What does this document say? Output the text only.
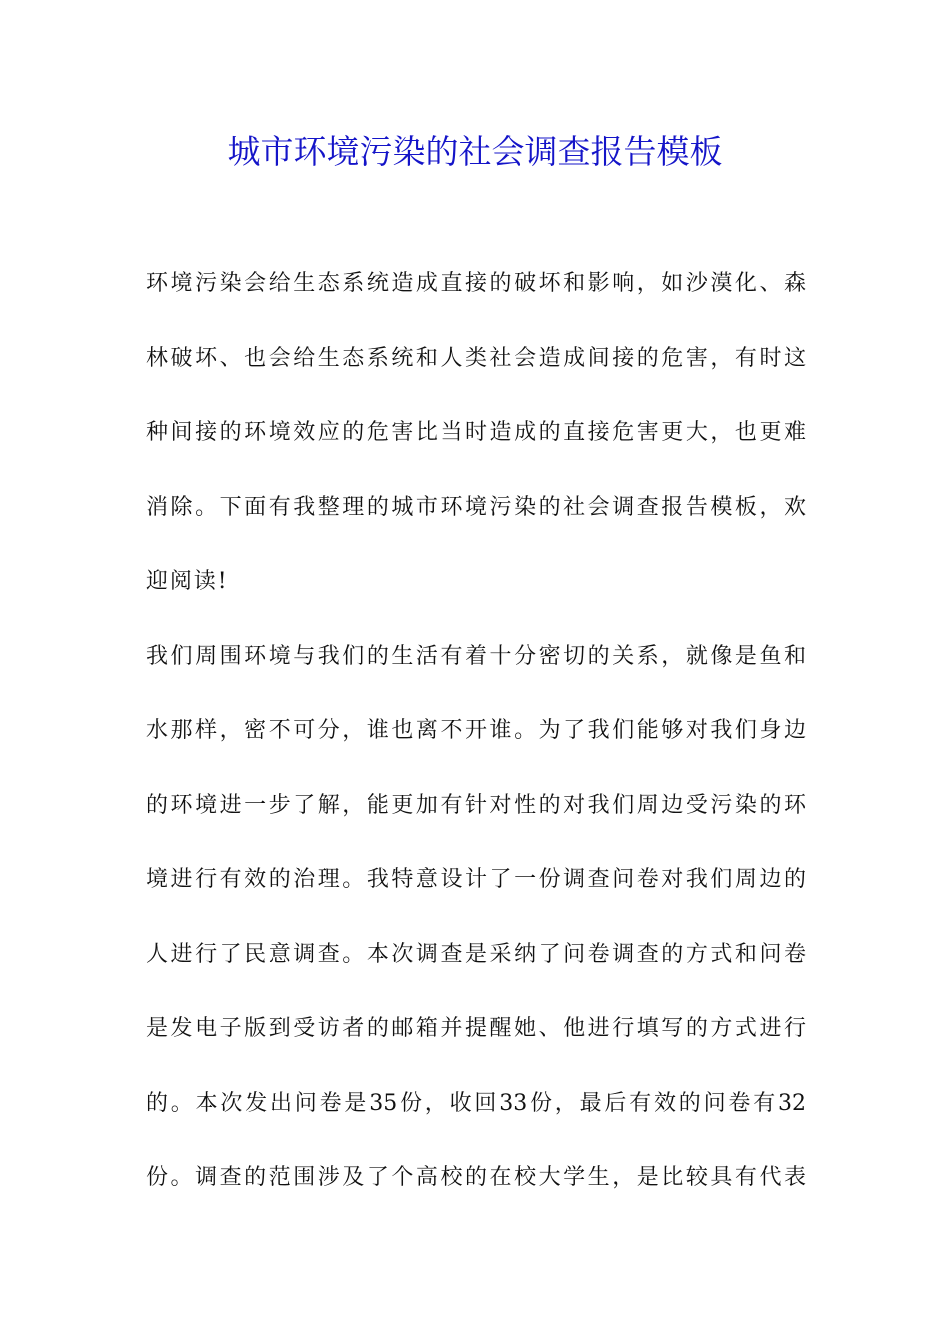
城市环境污染的社会调查报告模板
环境污染会给生态系统造成直接的破坏和影响，如沙漠化、森
林破坏、也会给生态系统和人类社会造成间接的危害，有时这
种间接的环境效应的危害比当时造成的直接危害更大，也更难
消除。下面有我整理的城市环境污染的社会调查报告模板，欢
迎阅读!
我们周围环境与我们的生活有着十分密切的关系，就像是鱼和
水那样，密不可分，谁也离不开谁。为了我们能够对我们身边
的环境进一步了解，能更加有针对性的对我们周边受污染的环
境进行有效的治理。我特意设计了一份调查问卷对我们周边的
人进行了民意调查。本次调查是采纳了问卷调查的方式和问卷
是发电子版到受访者的邮箱并提醒她、他进行填写的方式进行
的。本次发出问卷是35份，收回33份，最后有效的问卷有32
份。调查的范围涉及了个高校的在校大学生，是比较具有代表
